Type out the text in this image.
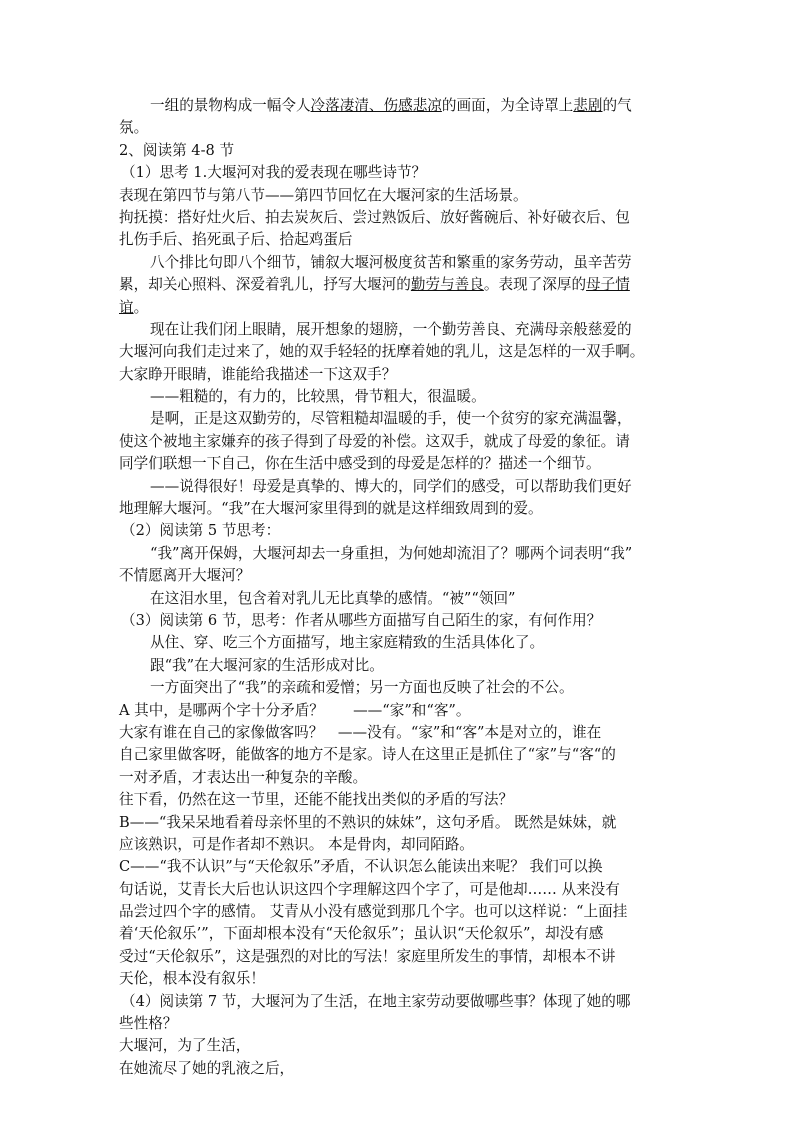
一组的景物构成一幅令人冷落凄清、伤感悲凉的画面，为全诗罩上悲剧的气
氛。
2、阅读第 4-8 节
（1）思考 1.大堰河对我的爱表现在哪些诗节？
表现在第四节与第八节——第四节回忆在大堰河家的生活场景。
拘抚摸：搭好灶火后、拍去炭灰后、尝过熟饭后、放好酱碗后、补好破衣后、包
扎伤手后、掐死虱子后、拾起鸡蛋后
八个排比句即八个细节，铺叙大堰河极度贫苦和繁重的家务劳动，虽辛苦劳
累，却关心照料、深爱着乳儿，抒写大堰河的勤劳与善良。表现了深厚的母子情
谊。
现在让我们闭上眼睛，展开想象的翅膀，一个勤劳善良、充满母亲般慈爱的
大堰河向我们走过来了，她的双手轻轻的抚摩着她的乳儿，这是怎样的一双手啊。
大家睁开眼睛，谁能给我描述一下这双手？
——粗糙的，有力的，比较黑，骨节粗大，很温暖。
是啊，正是这双勤劳的，尽管粗糙却温暖的手，使一个贫穷的家充满温馨，
使这个被地主家嫌弃的孩子得到了母爱的补偿。这双手，就成了母爱的象征。请
同学们联想一下自己，你在生活中感受到的母爱是怎样的？描述一个细节。
——说得很好！母爱是真挚的、博大的，同学们的感受，可以帮助我们更好
地理解大堰河。“我”在大堰河家里得到的就是这样细致周到的爱。
（2）阅读第 5 节思考：
“我”离开保姆，大堰河却去一身重担，为何她却流泪了？哪两个词表明“我”
不情愿离开大堰河？
在这泪水里，包含着对乳儿无比真挚的感情。“被”“领回”
（3）阅读第 6 节，思考：作者从哪些方面描写自己陌生的家，有何作用？
从住、穿、吃三个方面描写，地主家庭精致的生活具体化了。
跟“我”在大堰河家的生活形成对比。
一方面突出了“我”的亲疏和爱憎；另一方面也反映了社会的不公。
A 其中，是哪两个字十分矛盾？　　——“家”和“客”。
大家有谁在自己的家像做客吗？　——没有。“家”和“客”本是对立的，谁在
自己家里做客呀，能做客的地方不是家。诗人在这里正是抓住了“家”与“客“的
一对矛盾，才表达出一种复杂的辛酸。
往下看，仍然在这一节里，还能不能找出类似的矛盾的写法？
B——“我呆呆地看着母亲怀里的不熟识的妹妹”，这句矛盾。 既然是妹妹，就
应该熟识，可是作者却不熟识。 本是骨肉，却同陌路。
C——“我不认识”与“天伦叙乐”矛盾，不认识怎么能读出来呢？ 我们可以换
句话说，艾青长大后也认识这四个字理解这四个字了，可是他却…… 从来没有
品尝过四个字的感情。 艾青从小没有感觉到那几个字。也可以这样说：“上面挂
着‘天伦叙乐’”，下面却根本没有“天伦叙乐”；虽认识“天伦叙乐”，却没有感
受过“天伦叙乐”，这是强烈的对比的写法！家庭里所发生的事情，却根本不讲
天伦，根本没有叙乐！
（4）阅读第 7 节，大堰河为了生活，在地主家劳动要做哪些事？体现了她的哪
些性格？
大堰河，为了生活，
在她流尽了她的乳液之后，
